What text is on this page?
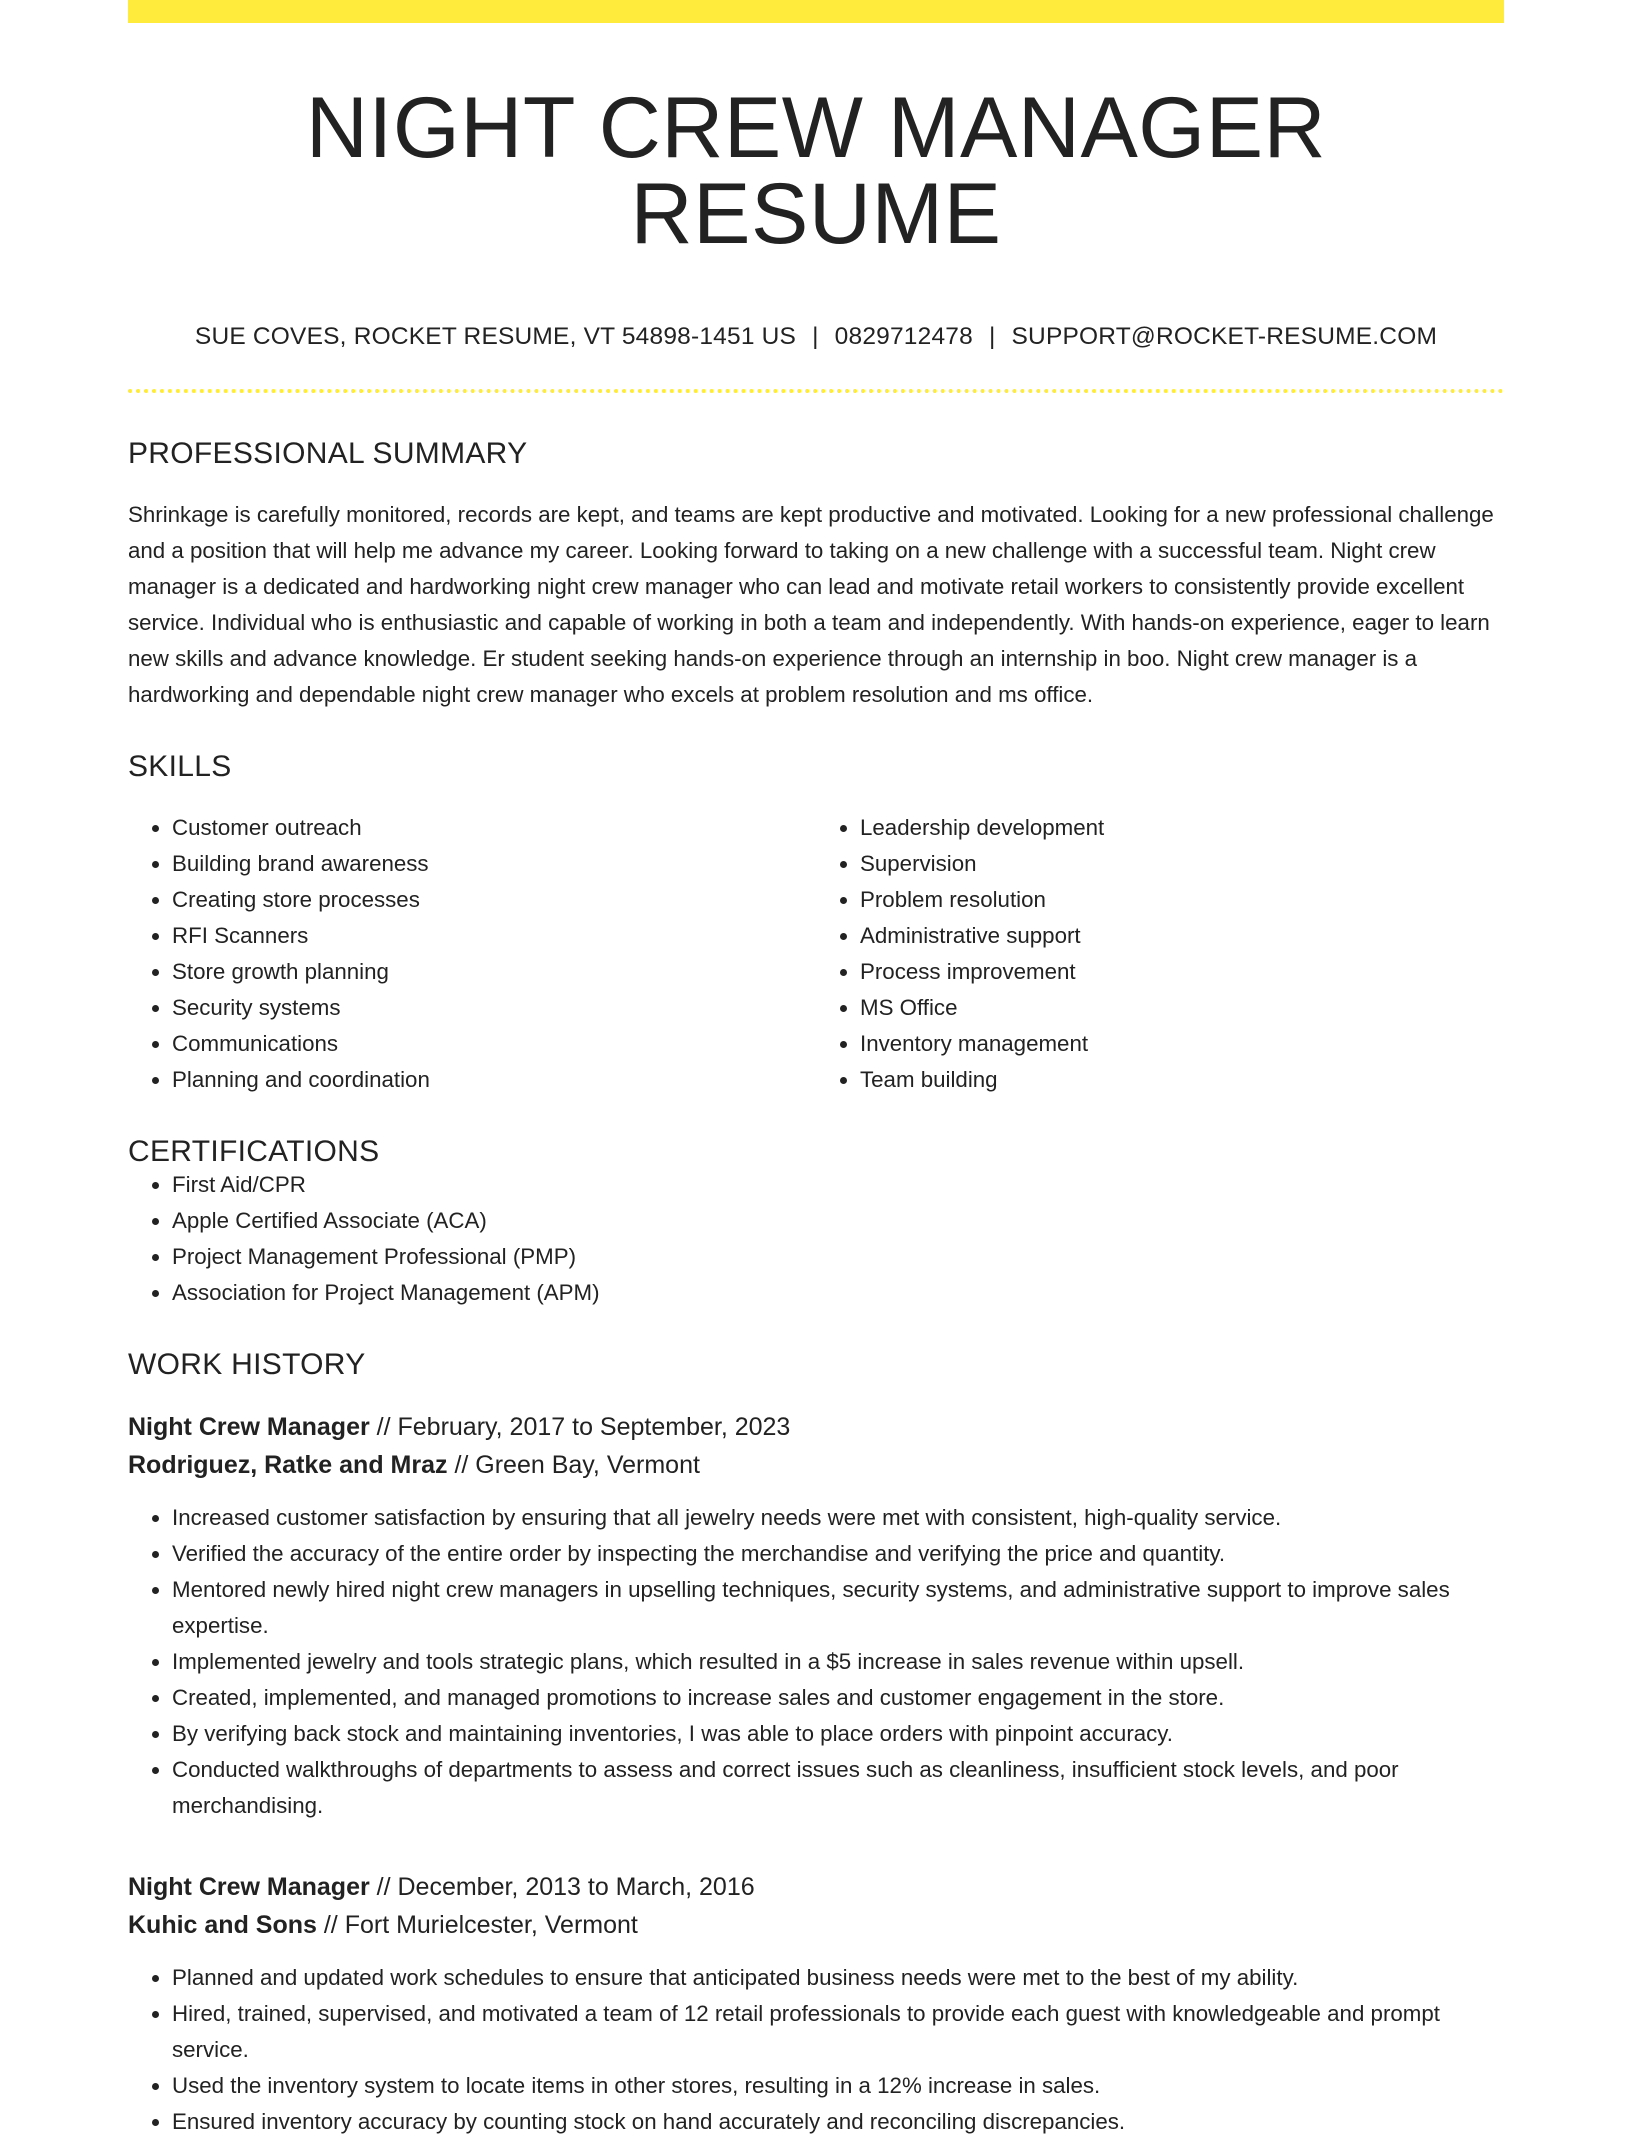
NIGHT CREW MANAGER RESUME
SUE COVES, ROCKET RESUME, VT 54898-1451 US | 0829712478 | SUPPORT@ROCKET-RESUME.COM
PROFESSIONAL SUMMARY

Shrinkage is carefully monitored, records are kept, and teams are kept productive and motivated. Looking for a new professional challenge and a position that will help me advance my career. Looking forward to taking on a new challenge with a successful team. Night crew manager is a dedicated and hardworking night crew manager who can lead and motivate retail workers to consistently provide excellent service. Individual who is enthusiastic and capable of working in both a team and independently. With hands-on experience, eager to learn new skills and advance knowledge. Er student seeking hands-on experience through an internship in boo. Night crew manager is a hardworking and dependable night crew manager who excels at problem resolution and ms office.

SKILLS
• Customer outreach
• Building brand awareness
• Creating store processes
• RFI Scanners
• Store growth planning
• Security systems
• Communications
• Planning and coordination
• Leadership development
• Supervision
• Problem resolution
• Administrative support
• Process improvement
• MS Office
• Inventory management
• Team building
CERTIFICATIONS
• First Aid/CPR
• Apple Certified Associate (ACA)
• Project Management Professional (PMP)
• Association for Project Management (APM)
WORK HISTORY
Night Crew Manager // February, 2017 to September, 2023
Rodriguez, Ratke and Mraz // Green Bay, Vermont
• Increased customer satisfaction by ensuring that all jewelry needs were met with consistent, high-quality service.
• Verified the accuracy of the entire order by inspecting the merchandise and verifying the price and quantity.
• Mentored newly hired night crew managers in upselling techniques, security systems, and administrative support to improve sales expertise.
• Implemented jewelry and tools strategic plans, which resulted in a $5 increase in sales revenue within upsell.
• Created, implemented, and managed promotions to increase sales and customer engagement in the store.
• By verifying back stock and maintaining inventories, I was able to place orders with pinpoint accuracy.
• Conducted walkthroughs of departments to assess and correct issues such as cleanliness, insufficient stock levels, and poor merchandising.
Night Crew Manager // December, 2013 to March, 2016
Kuhic and Sons // Fort Murielcester, Vermont
• Planned and updated work schedules to ensure that anticipated business needs were met to the best of my ability.
• Hired, trained, supervised, and motivated a team of 12 retail professionals to provide each guest with knowledgeable and prompt service.
• Used the inventory system to locate items in other stores, resulting in a 12% increase in sales.
• Ensured inventory accuracy by counting stock on hand accurately and reconciling discrepancies.
